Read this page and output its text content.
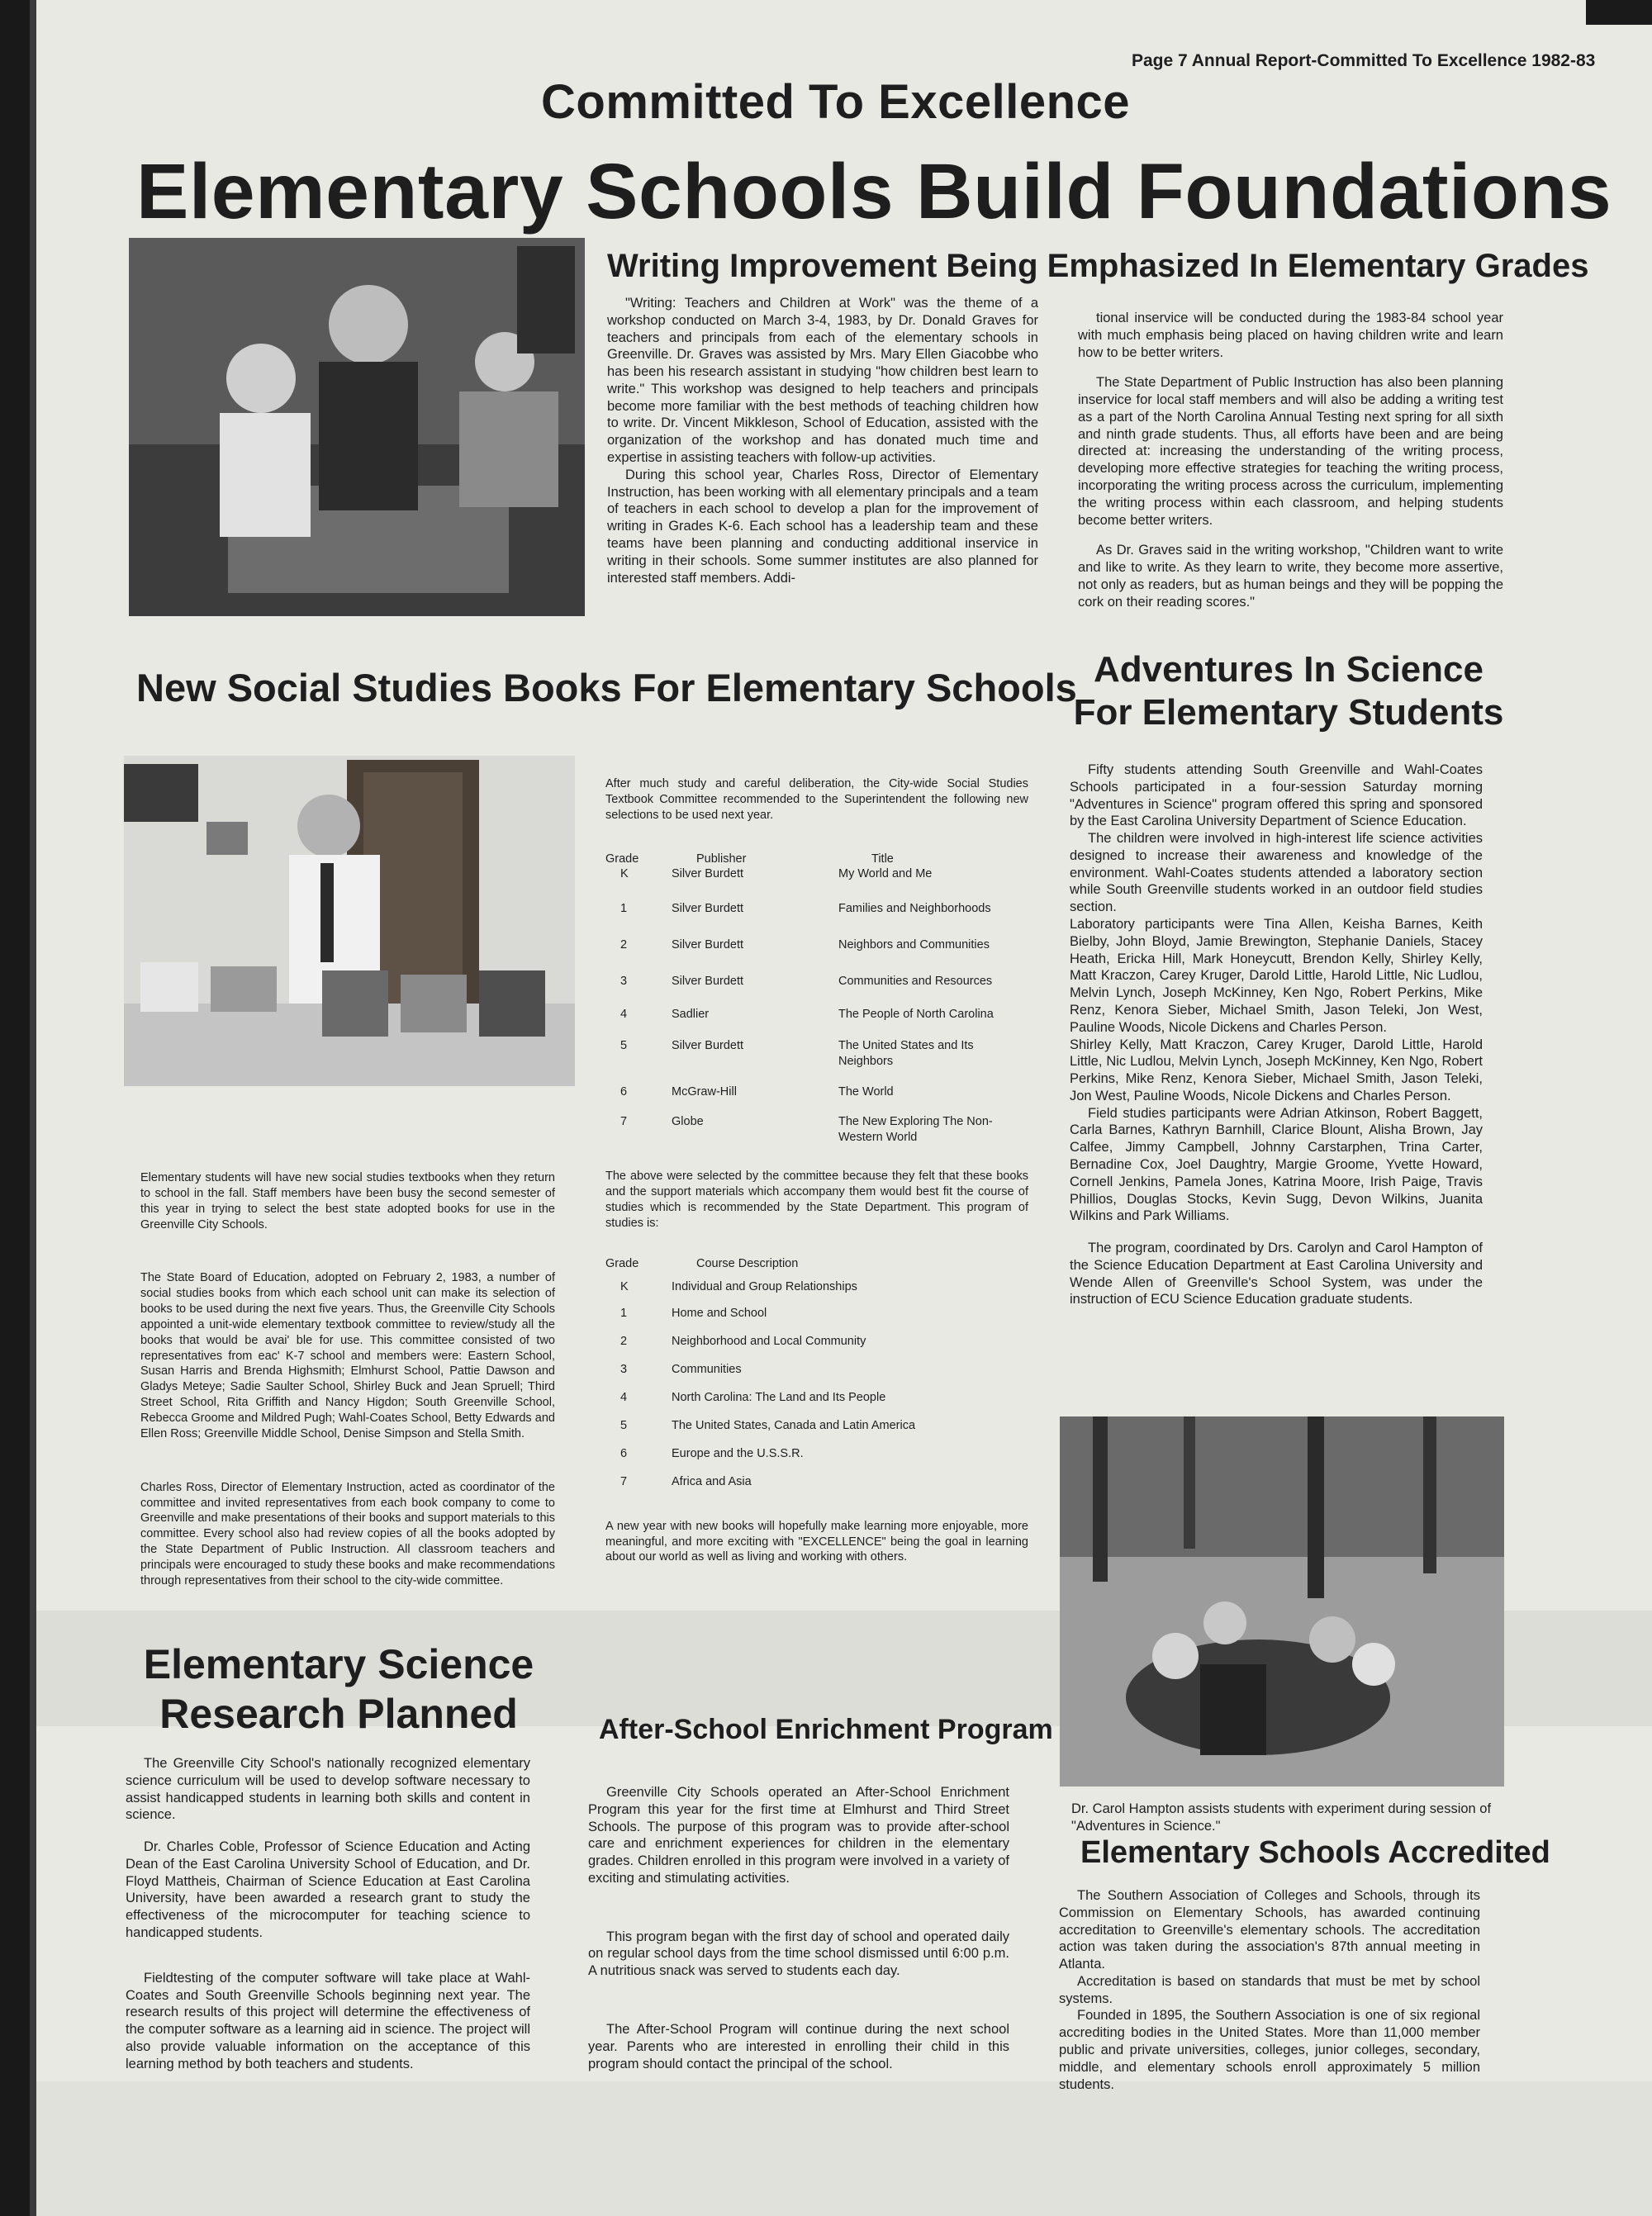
Page 7 Annual Report-Committed To Excellence 1982-83
Committed To Excellence
Elementary Schools Build Foundations
Writing Improvement Being Emphasized In Elementary Grades

"Writing: Teachers and Children at Work" was the theme of a workshop conducted on March 3-4, 1983, by Dr. Donald Graves for teachers and principals from each of the elementary schools in Greenville. Dr. Graves was assisted by Mrs. Mary Ellen Giacobbe who has been his research assistant in studying "how children best learn to write." This workshop was designed to help teachers and principals become more familiar with the best methods of teaching children how to write. Dr. Vincent Mikkleson, School of Education, assisted with the organization of the workshop and has donated much time and expertise in assisting teachers with follow-up activities.

During this school year, Charles Ross, Director of Elementary Instruction, has been working with all elementary principals and a team of teachers in each school to develop a plan for the improvement of writing in Grades K-6. Each school has a leadership team and these teams have been planning and conducting additional inservice in writing in their schools. Some summer institutes are also planned for interested staff members. Addi-

tional inservice will be conducted during the 1983-84 school year with much emphasis being placed on having children write and learn how to be better writers.

The State Department of Public Instruction has also been planning inservice for local staff members and will also be adding a writing test as a part of the North Carolina Annual Testing next spring for all sixth and ninth grade students. Thus, all efforts have been and are being directed at: increasing the understanding of the writing process, developing more effective strategies for teaching the writing process, incorporating the writing process across the curriculum, implementing the writing process within each classroom, and helping students become better writers.

As Dr. Graves said in the writing workshop, "Children want to write and like to write. As they learn to write, they become more assertive, not only as readers, but as human beings and they will be popping the cork on their reading scores."

New Social Studies Books For Elementary Schools

Elementary students will have new social studies textbooks when they return to school in the fall. Staff members have been busy the second semester of this year in trying to select the best state adopted books for use in the Greenville City Schools.

The State Board of Education, adopted on February 2, 1983, a number of social studies books from which each school unit can make its selection of books to be used during the next five years. Thus, the Greenville City Schools appointed a unit-wide elementary textbook committee to review/study all the books that would be avai' ble for use. This committee consisted of two representatives from eac' K-7 school and members were: Eastern School, Susan Harris and Brenda Highsmith; Elmhurst School, Pattie Dawson and Gladys Meteye; Sadie Saulter School, Shirley Buck and Jean Spruell; Third Street School, Rita Griffith and Nancy Higdon; South Greenville School, Rebecca Groome and Mildred Pugh; Wahl-Coates School, Betty Edwards and Ellen Ross; Greenville Middle School, Denise Simpson and Stella Smith.

Charles Ross, Director of Elementary Instruction, acted as coordinator of the committee and invited representatives from each book company to come to Greenville and make presentations of their books and support materials to this committee. Every school also had review copies of all the books adopted by the State Department of Public Instruction. All classroom teachers and principals were encouraged to study these books and make recommendations through representatives from their school to the city-wide committee.

After much study and careful deliberation, the City-wide Social Studies Textbook Committee recommended to the Superintendent the following new selections to be used next year.

Grade	Publisher	Title
K	Silver Burdett	My World and Me
1	Silver Burdett	Families and Neighborhoods
2	Silver Burdett	Neighbors and Communities
3	Silver Burdett	Communities and Resources
4	Sadlier	The People of North Carolina
5	Silver Burdett	The United States and Its Neighbors
6	McGraw-Hill	The World
7	Globe	The New Exploring The Non-Western World

The above were selected by the committee because they felt that these books and the support materials which accompany them would best fit the course of studies which is recommended by the State Department. This program of studies is:

Grade	Course Description
K	Individual and Group Relationships
1	Home and School
2	Neighborhood and Local Community
3	Communities
4	North Carolina: The Land and Its People
5	The United States, Canada and Latin America
6	Europe and the U.S.S.R.
7	Africa and Asia

A new year with new books will hopefully make learning more enjoyable, more meaningful, and more exciting with "EXCELLENCE" being the goal in learning about our world as well as living and working with others.

Adventures In Science For Elementary Students

Fifty students attending South Greenville and Wahl-Coates Schools participated in a four-session Saturday morning "Adventures in Science" program offered this spring and sponsored by the East Carolina University Department of Science Education.

The children were involved in high-interest life science activities designed to increase their awareness and knowledge of the environment. Wahl-Coates students attended a laboratory section while South Greenville students worked in an outdoor field studies section.

Laboratory participants were Tina Allen, Keisha Barnes, Keith Bielby, John Bloyd, Jamie Brewington, Stephanie Daniels, Stacey Heath, Ericka Hill, Mark Honeycutt, Brendon Kelly, Shirley Kelly, Matt Kraczon, Carey Kruger, Darold Little, Harold Little, Nic Ludlou, Melvin Lynch, Joseph McKinney, Ken Ngo, Robert Perkins, Mike Renz, Kenora Sieber, Michael Smith, Jason Teleki, Jon West, Pauline Woods, Nicole Dickens and Charles Person.

Shirley Kelly, Matt Kraczon, Carey Kruger, Darold Little, Harold Little, Nic Ludlou, Melvin Lynch, Joseph McKinney, Ken Ngo, Robert Perkins, Mike Renz, Kenora Sieber, Michael Smith, Jason Teleki, Jon West, Pauline Woods, Nicole Dickens and Charles Person.

Field studies participants were Adrian Atkinson, Robert Baggett, Carla Barnes, Kathryn Barnhill, Clarice Blount, Alisha Brown, Jay Calfee, Jimmy Campbell, Johnny Carstarphen, Trina Carter, Bernadine Cox, Joel Daughtry, Margie Groome, Yvette Howard, Cornell Jenkins, Pamela Jones, Katrina Moore, Irish Paige, Travis Phillios, Douglas Stocks, Kevin Sugg, Devon Wilkins, Juanita Wilkins and Park Williams.

The program, coordinated by Drs. Carolyn and Carol Hampton of the Science Education Department at East Carolina University and Wende Allen of Greenville's School System, was under the instruction of ECU Science Education graduate students.

Dr. Carol Hampton assists students with experiment during session of "Adventures in Science."
Elementary Schools Accredited

The Southern Association of Colleges and Schools, through its Commission on Elementary Schools, has awarded continuing accreditation to Greenville's elementary schools. The accreditation action was taken during the association's 87th annual meeting in Atlanta.

Accreditation is based on standards that must be met by school systems.

Founded in 1895, the Southern Association is one of six regional accrediting bodies in the United States. More than 11,000 member public and private universities, colleges, junior colleges, secondary, middle, and elementary schools enroll approximately 5 million students.

Elementary Science Research Planned

The Greenville City School's nationally recognized elementary science curriculum will be used to develop software necessary to assist handicapped students in learning both skills and content in science.

Dr. Charles Coble, Professor of Science Education and Acting Dean of the East Carolina University School of Education, and Dr. Floyd Mattheis, Chairman of Science Education at East Carolina University, have been awarded a research grant to study the effectiveness of the microcomputer for teaching science to handicapped students.

Fieldtesting of the computer software will take place at Wahl-Coates and South Greenville Schools beginning next year. The research results of this project will determine the effectiveness of the computer software as a learning aid in science. The project will also provide valuable information on the acceptance of this learning method by both teachers and students.

After-School Enrichment Program

Greenville City Schools operated an After-School Enrichment Program this year for the first time at Elmhurst and Third Street Schools. The purpose of this program was to provide after-school care and enrichment experiences for children in the elementary grades. Children enrolled in this program were involved in a variety of exciting and stimulating activities.

This program began with the first day of school and operated daily on regular school days from the time school dismissed until 6:00 p.m. A nutritious snack was served to students each day.

The After-School Program will continue during the next school year. Parents who are interested in enrolling their child in this program should contact the principal of the school.
